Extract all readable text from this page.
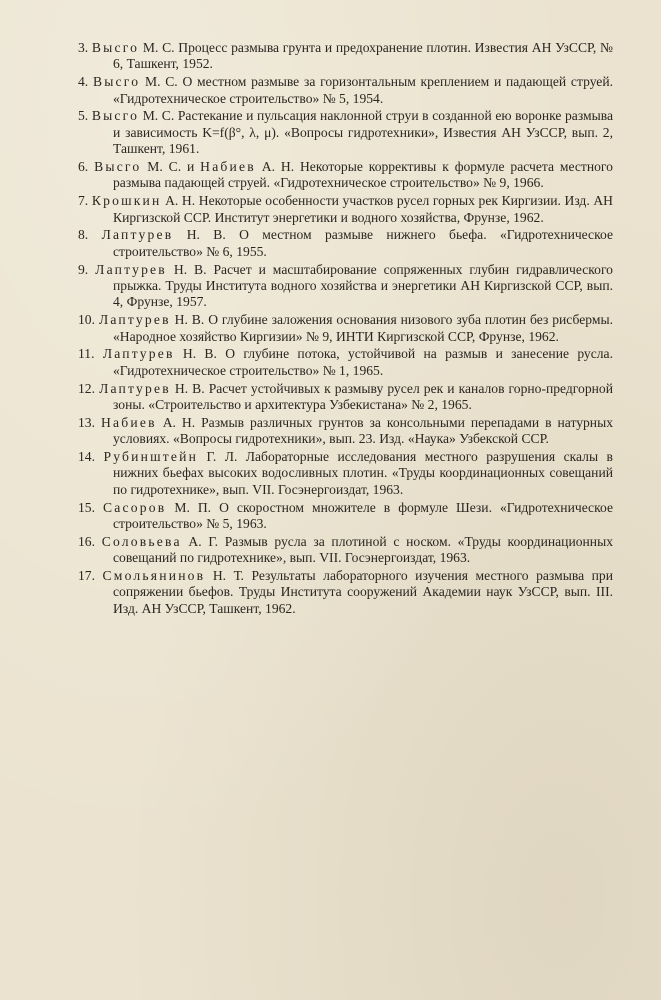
3. Высго М. С. Процесс размыва грунта и предохранение плотин. Известия АН УзССР, № 6, Ташкент, 1952.

4. Высго М. С. О местном размыве за горизонтальным креплением и падающей струей. «Гидротехническое строительство» № 5, 1954.

5. Высго М. С. Растекание и пульсация наклонной струи в созданной ею воронке размыва и зависимость K=f(β°, λ, μ). «Вопросы гидротехники», Известия АН УзССР, вып. 2, Ташкент, 1961.

6. Высго М. С. и Набиев А. Н. Некоторые коррективы к формуле расчета местного размыва падающей струей. «Гидротехническое строительство» № 9, 1966.

7. Крошкин А. Н. Некоторые особенности участков русел горных рек Киргизии. Изд. АН Киргизской ССР. Институт энергетики и водного хозяйства, Фрунзе, 1962.

8. Лаптурев Н. В. О местном размыве нижнего бьефа. «Гидротехническое строительство» № 6, 1955.

9. Лаптурев Н. В. Расчет и масштабирование сопряженных глубин гидравлического прыжка. Труды Института водного хозяйства и энергетики АН Киргизской ССР, вып. 4, Фрунзе, 1957.

10. Лаптурев Н. В. О глубине заложения основания низового зуба плотин без рисбермы. «Народное хозяйство Киргизии» № 9, ИНТИ Киргизской ССР, Фрунзе, 1962.

11. Лаптурев Н. В. О глубине потока, устойчивой на размыв и занесение русла. «Гидротехническое строительство» № 1, 1965.

12. Лаптурев Н. В. Расчет устойчивых к размыву русел рек и каналов горно-предгорной зоны. «Строительство и архитектура Узбекистана» № 2, 1965.

13. Набиев А. Н. Размыв различных грунтов за консольными перепадами в натурных условиях. «Вопросы гидротехники», вып. 23. Изд. «Наука» Узбекской ССР.

14. Рубинштейн Г. Л. Лабораторные исследования местного разрушения скалы в нижних бьефах высоких водосливных плотин. «Труды координационных совещаний по гидротехнике», вып. VII. Госэнергоиздат, 1963.

15. Сасоров М. П. О скоростном множителе в формуле Шези. «Гидротехническое строительство» № 5, 1963.

16. Соловьева А. Г. Размыв русла за плотиной с носком. «Труды координационных совещаний по гидротехнике», вып. VII. Госэнергоиздат, 1963.

17. Смольянинов Н. Т. Результаты лабораторного изучения местного размыва при сопряжении бьефов. Труды Института сооружений Академии наук УзССР, вып. III. Изд. АН УзССР, Ташкент, 1962.
